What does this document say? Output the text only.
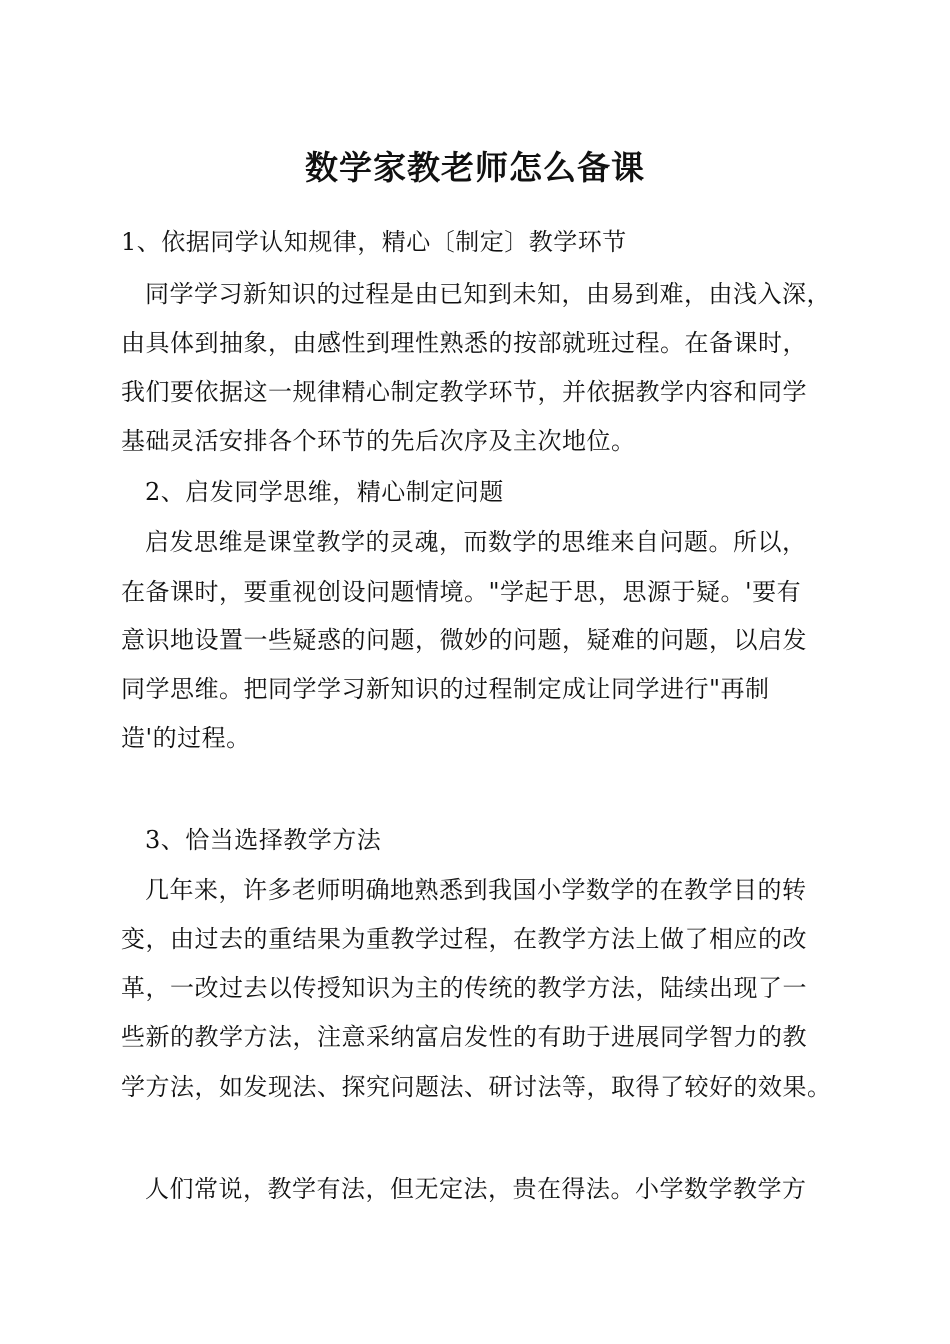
数学家教老师怎么备课
1、依据同学认知规律，精心〔制定〕教学环节
同学学习新知识的过程是由已知到未知，由易到难，由浅入深，
由具体到抽象，由感性到理性熟悉的按部就班过程。在备课时，
我们要依据这一规律精心制定教学环节，并依据教学内容和同学
基础灵活安排各个环节的先后次序及主次地位。
2、启发同学思维，精心制定问题
启发思维是课堂教学的灵魂，而数学的思维来自问题。所以，
在备课时，要重视创设问题情境。"学起于思，思源于疑。'要有
意识地设置一些疑惑的问题，微妙的问题，疑难的问题，以启发
同学思维。把同学学习新知识的过程制定成让同学进行"再制
造'的过程。
3、恰当选择教学方法
几年来，许多老师明确地熟悉到我国小学数学的在教学目的转
变，由过去的重结果为重教学过程，在教学方法上做了相应的改
革，一改过去以传授知识为主的传统的教学方法，陆续出现了一
些新的教学方法，注意采纳富启发性的有助于进展同学智力的教
学方法，如发现法、探究问题法、研讨法等，取得了较好的效果。
人们常说，教学有法，但无定法，贵在得法。小学数学教学方
